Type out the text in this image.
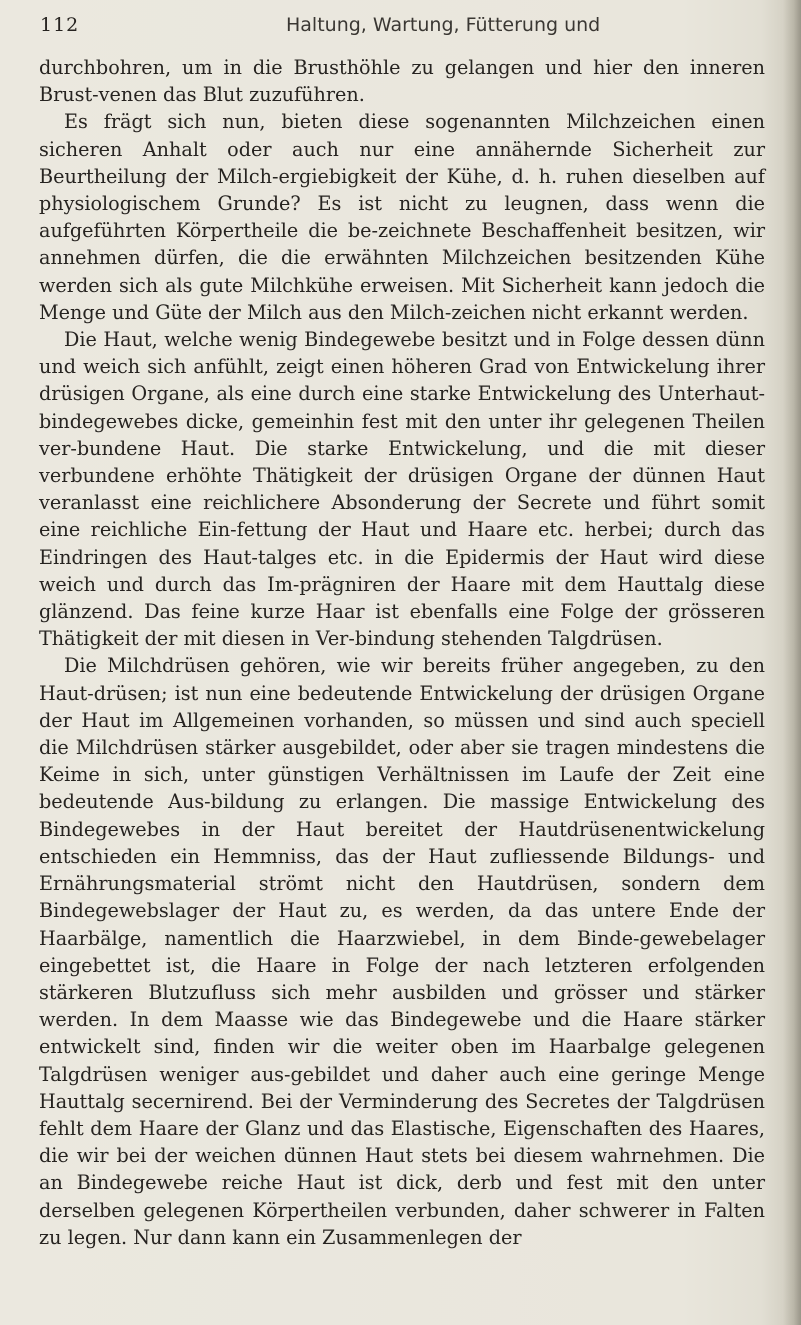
112	Haltung, Wartung, Fütterung und

durchbohren, um in die Brusthöhle zu gelangen und hier den inneren Brust-venen das Blut zuzuführen.

Es frägt sich nun, bieten diese sogenannten Milchzeichen einen sicheren Anhalt oder auch nur eine annähernde Sicherheit zur Beurtheilung der Milch-ergiebigkeit der Kühe, d. h. ruhen dieselben auf physiologischem Grunde? Es ist nicht zu leugnen, dass wenn die aufgeführten Körpertheile die be-zeichnete Beschaffenheit besitzen, wir annehmen dürfen, die die erwähnten Milchzeichen besitzenden Kühe werden sich als gute Milchkühe erweisen. Mit Sicherheit kann jedoch die Menge und Güte der Milch aus den Milch-zeichen nicht erkannt werden.

Die Haut, welche wenig Bindegewebe besitzt und in Folge dessen dünn und weich sich anfühlt, zeigt einen höheren Grad von Entwickelung ihrer drüsigen Organe, als eine durch eine starke Entwickelung des Unterhaut-bindegewebes dicke, gemeinhin fest mit den unter ihr gelegenen Theilen ver-bundene Haut. Die starke Entwickelung, und die mit dieser verbundene erhöhte Thätigkeit der drüsigen Organe der dünnen Haut veranlasst eine reichlichere Absonderung der Secrete und führt somit eine reichliche Ein-fettung der Haut und Haare etc. herbei; durch das Eindringen des Haut-talges etc. in die Epidermis der Haut wird diese weich und durch das Im-prägniren der Haare mit dem Hauttalg diese glänzend. Das feine kurze Haar ist ebenfalls eine Folge der grösseren Thätigkeit der mit diesen in Ver-bindung stehenden Talgdrüsen.

Die Milchdrüsen gehören, wie wir bereits früher angegeben, zu den Haut-drüsen; ist nun eine bedeutende Entwickelung der drüsigen Organe der Haut im Allgemeinen vorhanden, so müssen und sind auch speciell die Milchdrüsen stärker ausgebildet, oder aber sie tragen mindestens die Keime in sich, unter günstigen Verhältnissen im Laufe der Zeit eine bedeutende Aus-bildung zu erlangen. Die massige Entwickelung des Bindegewebes in der Haut bereitet der Hautdrüsenentwickelung entschieden ein Hemmniss, das der Haut zufliessende Bildungs- und Ernährungsmaterial strömt nicht den Hautdrüsen, sondern dem Bindegewebslager der Haut zu, es werden, da das untere Ende der Haarbälge, namentlich die Haarzwiebel, in dem Binde-gewebelager eingebettet ist, die Haare in Folge der nach letzteren erfolgenden stärkeren Blutzufluss sich mehr ausbilden und grösser und stärker werden. In dem Maasse wie das Bindegewebe und die Haare stärker entwickelt sind, finden wir die weiter oben im Haarbalge gelegenen Talgdrüsen weniger aus-gebildet und daher auch eine geringe Menge Hauttalg secernirend. Bei der Verminderung des Secretes der Talgdrüsen fehlt dem Haare der Glanz und das Elastische, Eigenschaften des Haares, die wir bei der weichen dünnen Haut stets bei diesem wahrnehmen. Die an Bindegewebe reiche Haut ist dick, derb und fest mit den unter derselben gelegenen Körpertheilen verbunden, daher schwerer in Falten zu legen. Nur dann kann ein Zusammenlegen der
